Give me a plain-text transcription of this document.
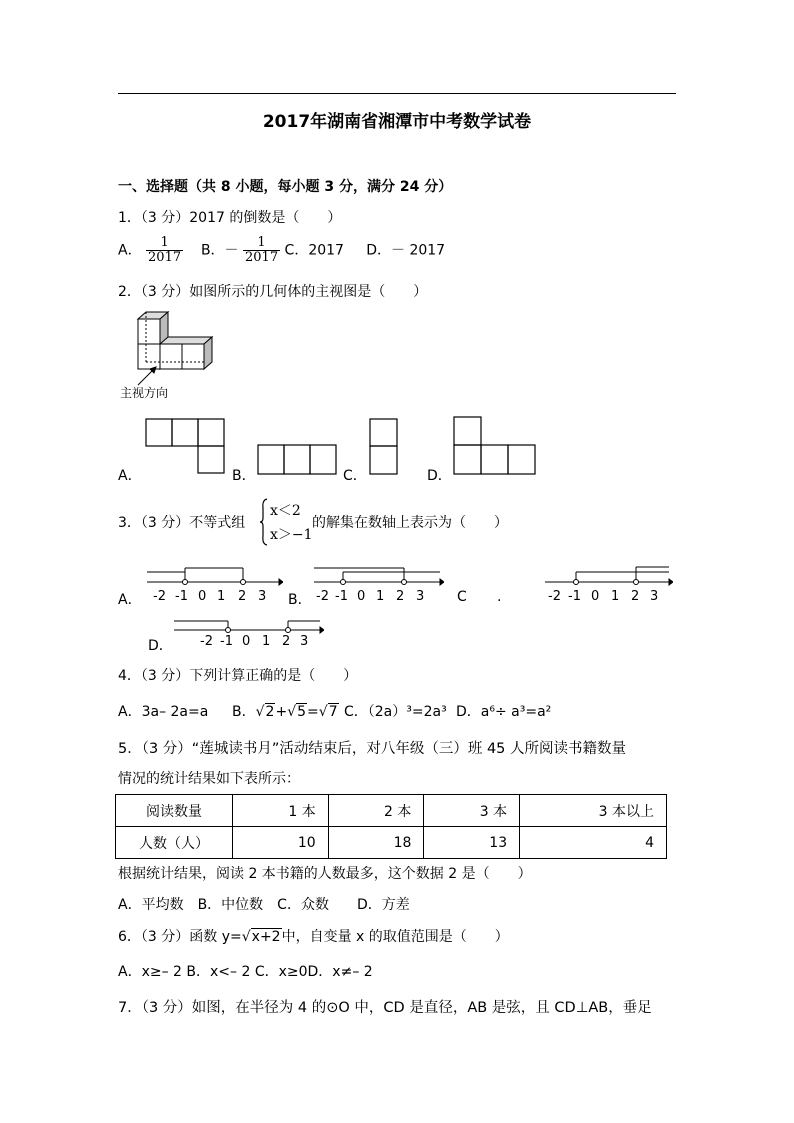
2017年湖南省湘潭市中考数学试卷
一、选择题（共 8 小题，每小题 3 分，满分 24 分）
1．（3 分）2017 的倒数是（　　）
A． $\frac{1}{2017}$ B．－ $\frac{1}{2017}$ C．2017 D．－ 2017
2．（3 分）如图所示的几何体的主视图是（　　）
主视方向
A．	B．	C．	D．
3．（3 分）不等式组
x＜2
x＞−1
的解集在数轴上表示为（　　）
A． -2 -1 0 1 2 3 B． -2 -1 0 1 2 3 C .	-2 -1 0 1 2 3
D． -2 -1 0 1 2 3
4．（3 分）下列计算正确的是（　　）
A．3a– 2a=a B．√2+√5=√7 C．（2a）³=2a³ D．a⁶÷ a³=a²
5．（3 分）“莲城读书月”活动结束后，对八年级（三）班 45 人所阅读书籍数量
情况的统计结果如下表所示：
阅读数量	1 本	2 本	3 本	3 本以上
人数（人）	10	18	13	4
根据统计结果，阅读 2 本书籍的人数最多，这个数据 2 是（　　）
A．平均数　B．中位数　C．众数　　D．方差
6．（3 分）函数 y=√x+2中，自变量 x 的取值范围是（　　）
A．x≥– 2 B．x<– 2 C．x≥0D．x≠– 2
7．（3 分）如图，在半径为 4 的⊙O 中，CD 是直径，AB 是弦，且 CD⊥AB，垂足
